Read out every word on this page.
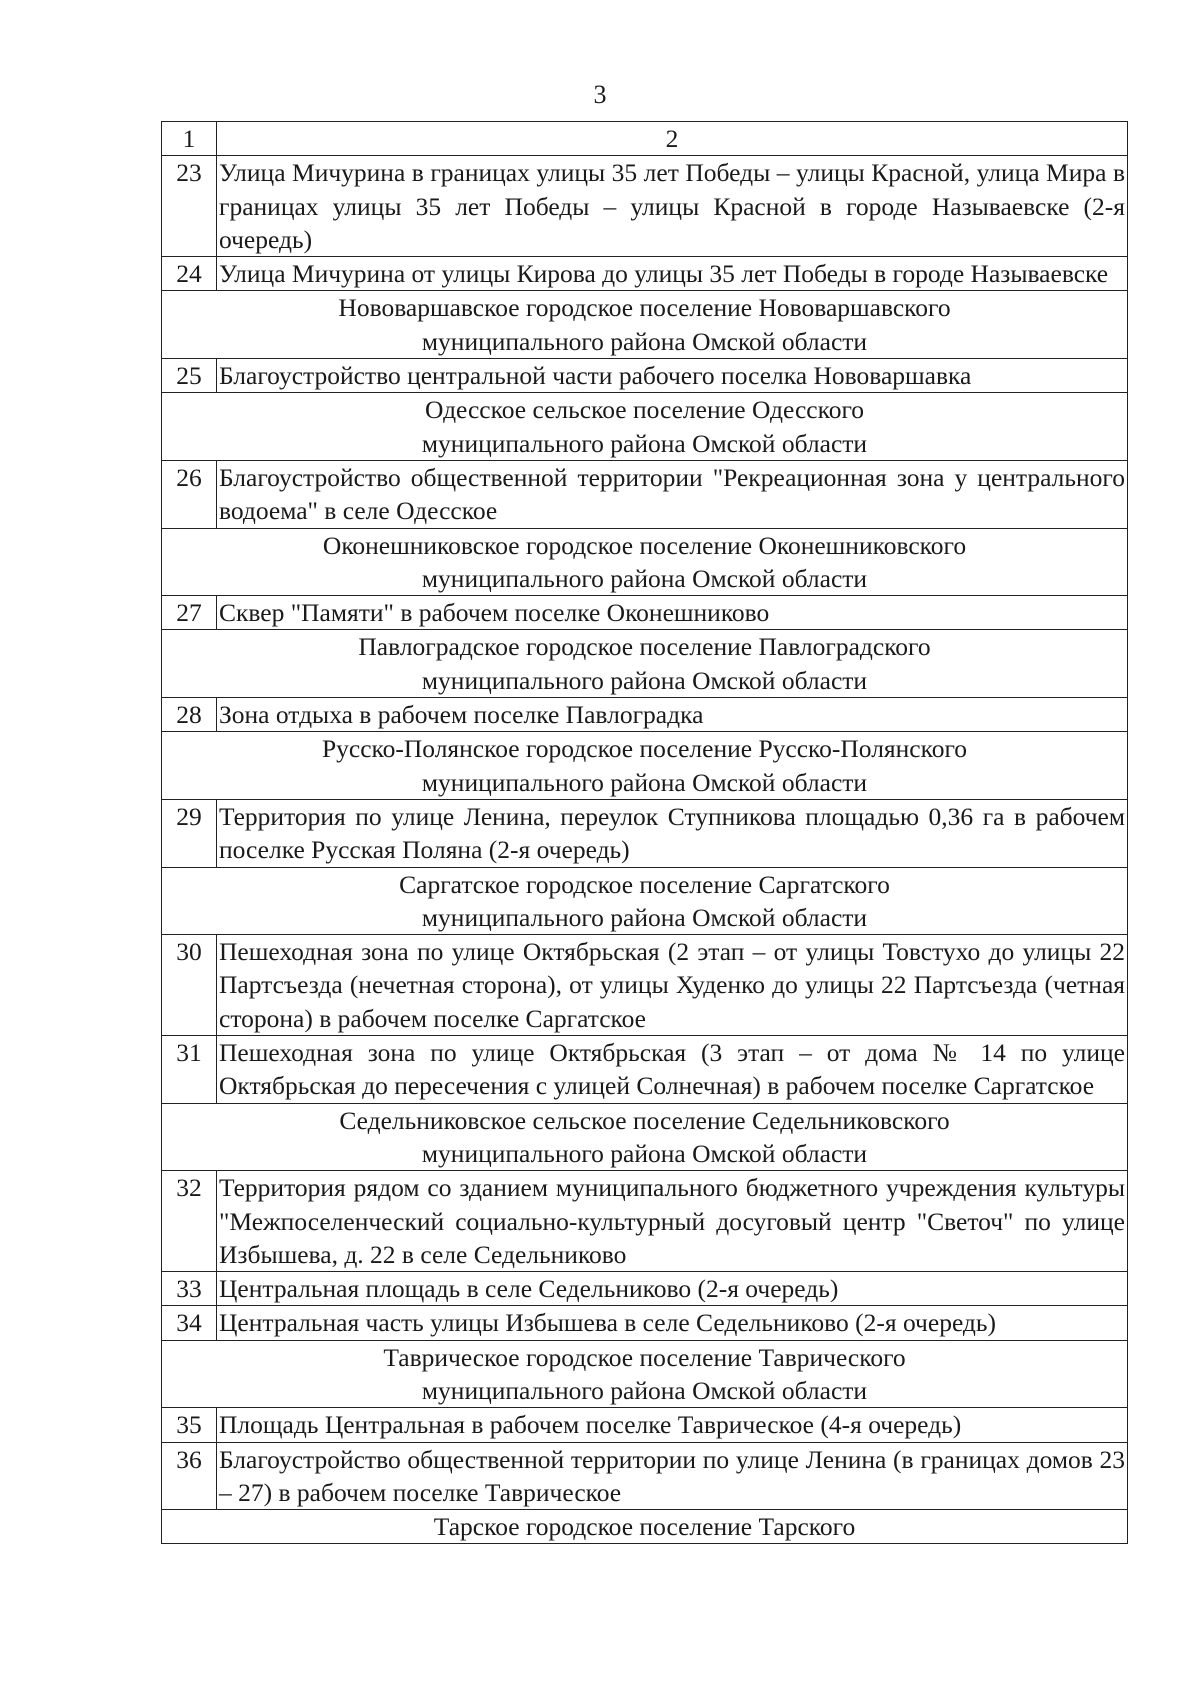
3
1	2
23	Улица Мичурина в границах улицы 35 лет Победы – улицы Красной, улица Мира в границах улицы 35 лет Победы – улицы Красной в городе Называевске (2-я очередь)
24	Улица Мичурина от улицы Кирова до улицы 35 лет Победы в городе Называевске

Нововаршавское городское поселение Нововаршавского
муниципального района Омской области	

25	Благоустройство центральной части рабочего поселка Нововаршавка

Одесское сельское поселение Одесского
муниципального района Омской области	

26	Благоустройство общественной территории "Рекреационная зона у центрального водоема" в селе Одесское

Оконешниковское городское поселение Оконешниковского
муниципального района Омской области	

27	Сквер "Памяти" в рабочем поселке Оконешниково

Павлоградское городское поселение Павлоградского
муниципального района Омской области	

28	Зона отдыха в рабочем поселке Павлоградка

Русско-Полянское городское поселение Русско-Полянского
муниципального района Омской области	

29	Территория по улице Ленина, переулок Ступникова площадью 0,36 га в рабочем поселке Русская Поляна (2-я очередь)

Саргатское городское поселение Саргатского
муниципального района Омской области	

30	Пешеходная зона по улице Октябрьская (2 этап – от улицы Товстухо до улицы 22 Партсъезда (нечетная сторона), от улицы Худенко до улицы 22 Партсъезда (четная сторона) в рабочем поселке Саргатское
31	Пешеходная зона по улице Октябрьская (3 этап – от дома № 14 по улице Октябрьская до пересечения с улицей Солнечная) в рабочем поселке Саргатское

Седельниковское сельское поселение Седельниковского
муниципального района Омской области	

32	Территория рядом со зданием муниципального бюджетного учреждения культуры "Межпоселенческий социально-культурный досуговый центр "Светоч" по улице Избышева, д. 22 в селе Седельниково
33	Центральная площадь в селе Седельниково (2-я очередь)
34	Центральная часть улицы Избышева в селе Седельниково (2-я очередь)

Таврическое городское поселение Таврического
муниципального района Омской области	

35	Площадь Центральная в рабочем поселке Таврическое (4-я очередь)
36	Благоустройство общественной территории по улице Ленина (в границах домов 23 – 27) в рабочем поселке Таврическое

Тарское городское поселение Тарского	
